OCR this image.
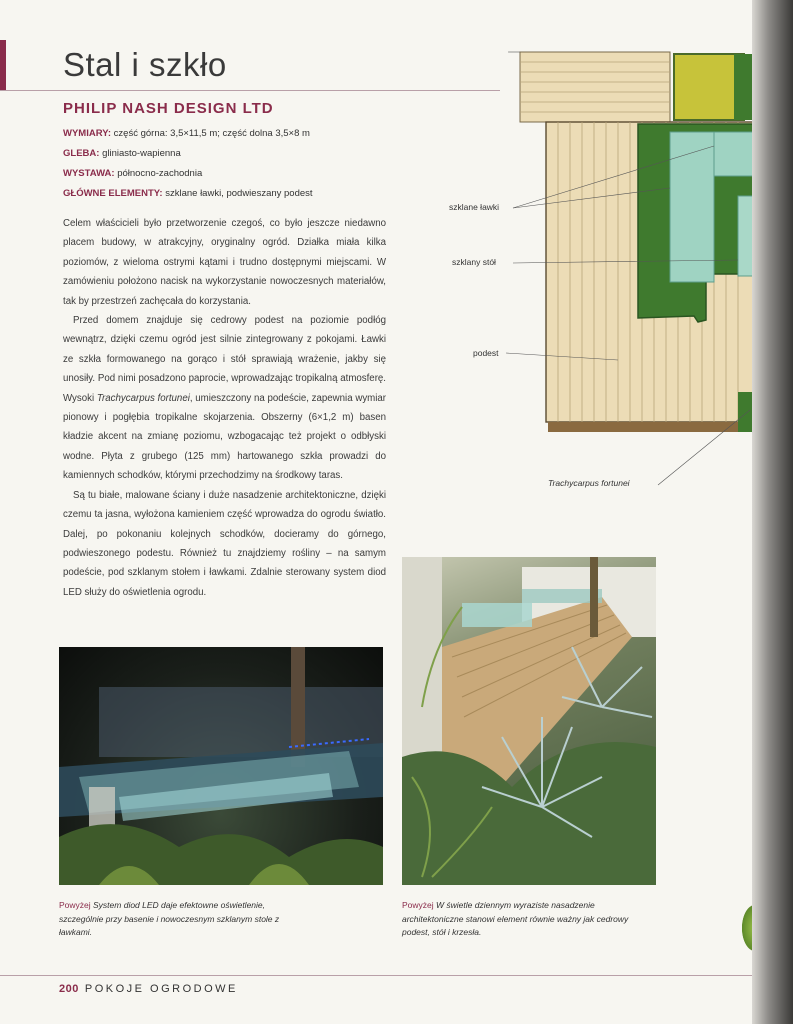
Stal i szkło
PHILIP NASH DESIGN LTD
WYMIARY: część górna: 3,5×11,5 m; część dolna 3,5×8 m
GLEBA: gliniasto-wapienna
WYSTAWA: północno-zachodnia
GŁÓWNE ELEMENTY: szklane ławki, podwieszany podest

Celem właścicieli było przetworzenie czegoś, co było jeszcze niedawno placem budowy, w atrakcyjny, oryginalny ogród. Działka miała kilka poziomów, z wieloma ostrymi kątami i trudno dostępnymi miejscami. W zamówieniu położono nacisk na wykorzystanie nowoczesnych materiałów, tak by przestrzeń zachęcała do korzystania.

Przed domem znajduje się cedrowy podest na poziomie podłóg wewnątrz, dzięki czemu ogród jest silnie zintegrowany z pokojami. Ławki ze szkła formowanego na gorąco i stół sprawiają wrażenie, jakby się unosiły. Pod nimi posadzono paprocie, wprowadzając tropikalną atmosferę. Wysoki Trachycarpus fortunei, umieszczony na podeście, zapewnia wymiar pionowy i pogłębia tropikalne skojarzenia. Obszerny (6×1,2 m) basen kładzie akcent na zmianę poziomu, wzbogacając też projekt o odbłyski wodne. Płyta z grubego (125 mm) hartowanego szkła prowadzi do kamiennych schodków, którymi przechodzimy na środkowy taras.

Są tu białe, malowane ściany i duże nasadzenie architektoniczne, dzięki czemu ta jasna, wyłożona kamieniem część wprowadza do ogrodu światło. Dalej, po pokonaniu kolejnych schodków, docieramy do górnego, podwieszonego podestu. Również tu znajdziemy rośliny – na samym podeście, pod szklanym stołem i ławkami. Zdalnie sterowany system diod LED służy do oświetlenia ogrodu.

szklane ławki
szklany stół
podest
Trachycarpus fortunei
Powyżej System diod LED daje efektowne oświetlenie, szczególnie przy basenie i nowoczesnym szklanym stole z ławkami.
Powyżej W świetle dziennym wyraziste nasadzenie architektoniczne stanowi element równie ważny jak cedrowy podest, stół i krzesła.
200 POKOJE OGRODOWE
